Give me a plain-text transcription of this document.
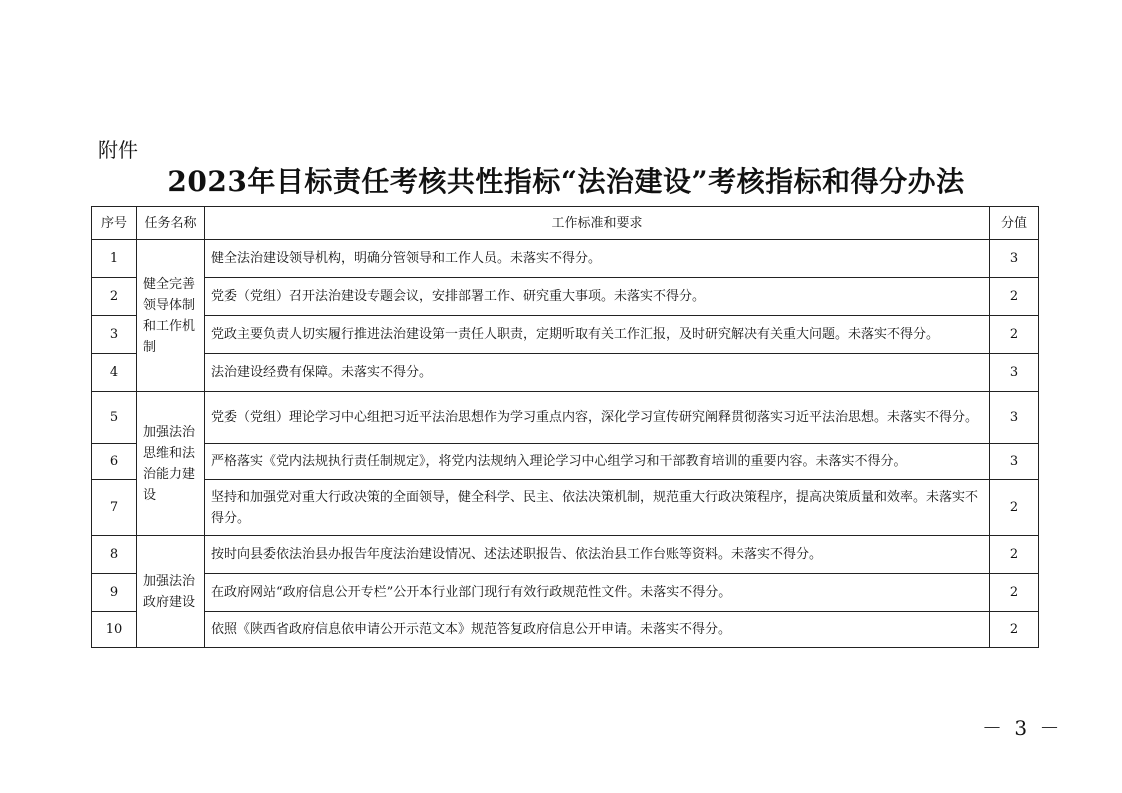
附件
2023年目标责任考核共性指标“法治建设”考核指标和得分办法
序号	任务名称	工作标准和要求	分值
1	健全完善领导体制和工作机制	健全法治建设领导机构，明确分管领导和工作人员。未落实不得分。	3
2		党委（党组）召开法治建设专题会议，安排部署工作、研究重大事项。未落实不得分。	2
3		党政主要负责人切实履行推进法治建设第一责任人职责，定期听取有关工作汇报，及时研究解决有关重大问题。未落实不得分。	2
4		法治建设经费有保障。未落实不得分。	3
5	加强法治思维和法治能力建设	党委（党组）理论学习中心组把习近平法治思想作为学习重点内容，深化学习宣传研究阐释贯彻落实习近平法治思想。未落实不得分。	3
6		严格落实《党内法规执行责任制规定》，将党内法规纳入理论学习中心组学习和干部教育培训的重要内容。未落实不得分。	3
7		坚持和加强党对重大行政决策的全面领导，健全科学、民主、依法决策机制，规范重大行政决策程序，提高决策质量和效率。未落实不得分。	2
8	加强法治政府建设	按时向县委依法治县办报告年度法治建设情况、述法述职报告、依法治县工作台账等资料。未落实不得分。	2
9		在政府网站“政府信息公开专栏”公开本行业部门现行有效行政规范性文件。未落实不得分。	2
10		依照《陕西省政府信息依申请公开示范文本》规范答复政府信息公开申请。未落实不得分。	2
－ 3 －
